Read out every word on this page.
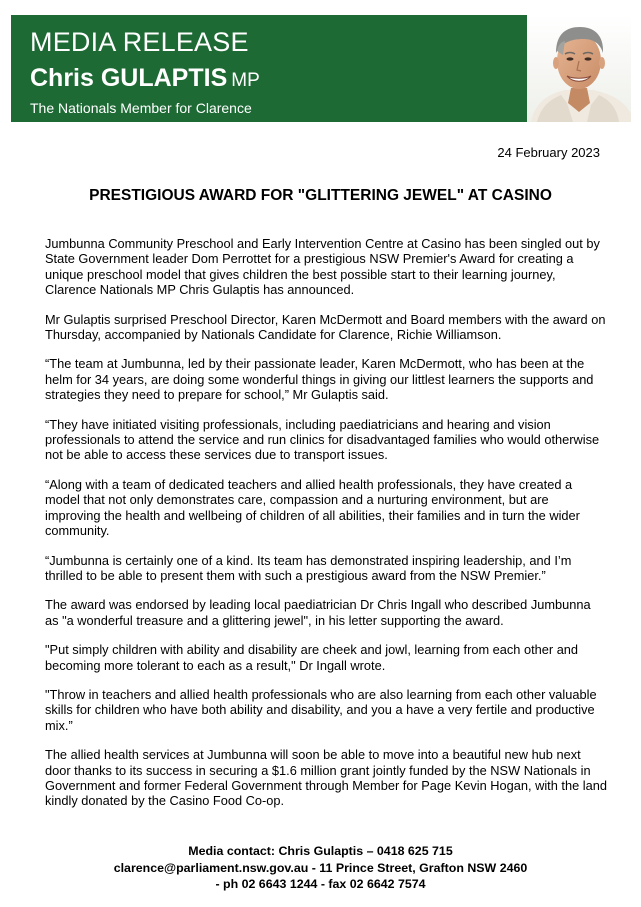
MEDIA RELEASE
Chris GULAPTIS MP
The Nationals Member for Clarence
24 February 2023
PRESTIGIOUS AWARD FOR "GLITTERING JEWEL" AT CASINO

Jumbunna Community Preschool and Early Intervention Centre at Casino has been singled out by State Government leader Dom Perrottet for a prestigious NSW Premier's Award for creating a unique preschool model that gives children the best possible start to their learning journey, Clarence Nationals MP Chris Gulaptis has announced.

Mr Gulaptis surprised Preschool Director, Karen McDermott and Board members with the award on Thursday, accompanied by Nationals Candidate for Clarence, Richie Williamson.

“The team at Jumbunna, led by their passionate leader, Karen McDermott, who has been at the helm for 34 years, are doing some wonderful things in giving our littlest learners the supports and strategies they need to prepare for school,” Mr Gulaptis said.

“They have initiated visiting professionals, including paediatricians and hearing and vision professionals to attend the service and run clinics for disadvantaged families who would otherwise not be able to access these services due to transport issues.

“Along with a team of dedicated teachers and allied health professionals, they have created a model that not only demonstrates care, compassion and a nurturing environment, but are improving the health and wellbeing of children of all abilities, their families and in turn the wider community.

“Jumbunna is certainly one of a kind. Its team has demonstrated inspiring leadership, and I’m thrilled to be able to present them with such a prestigious award from the NSW Premier.”

The award was endorsed by leading local paediatrician Dr Chris Ingall who described Jumbunna as "a wonderful treasure and a glittering jewel", in his letter supporting the award.

"Put simply children with ability and disability are cheek and jowl, learning from each other and becoming more tolerant to each as a result," Dr Ingall wrote.

"Throw in teachers and allied health professionals who are also learning from each other valuable skills for children who have both ability and disability, and you a have a very fertile and productive mix.”

The allied health services at Jumbunna will soon be able to move into a beautiful new hub next door thanks to its success in securing a $1.6 million grant jointly funded by the NSW Nationals in Government and former Federal Government through Member for Page Kevin Hogan, with the land kindly donated by the Casino Food Co-op.

Media contact: Chris Gulaptis – 0418 625 715
clarence@parliament.nsw.gov.au - 11 Prince Street, Grafton NSW 2460
- ph 02 6643 1244 - fax 02 6642 7574
